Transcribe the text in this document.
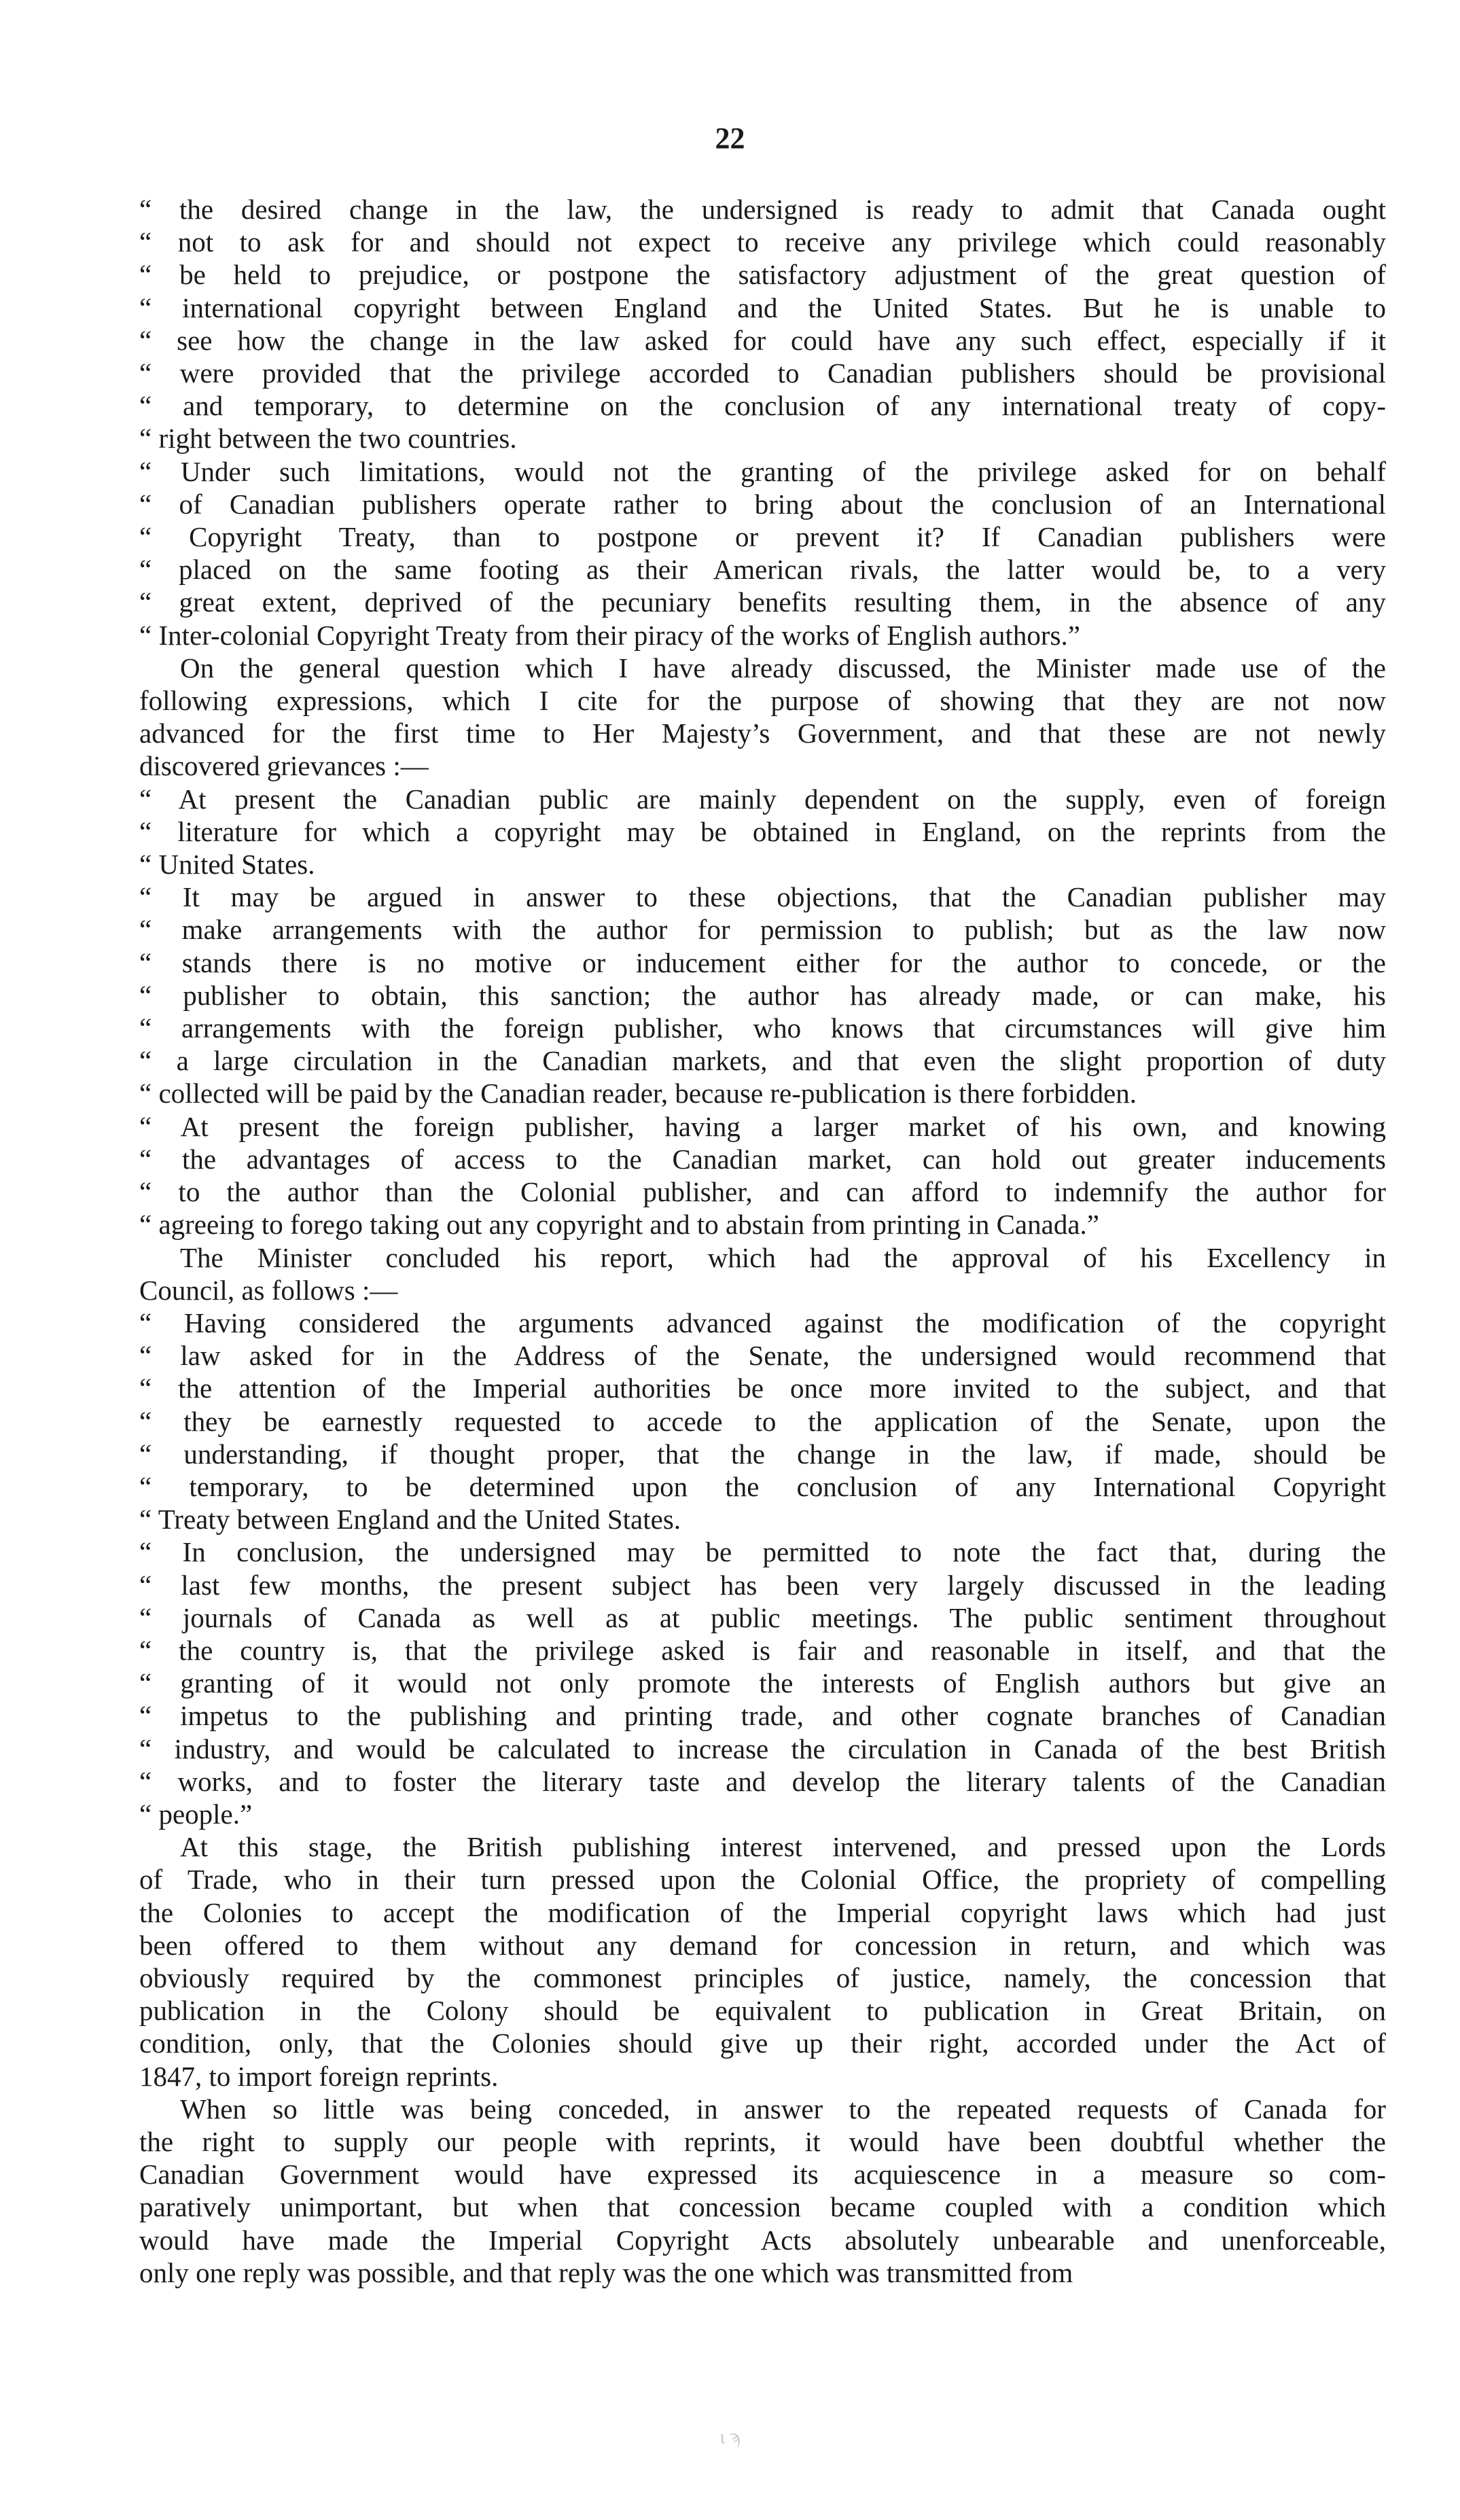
22
“ the desired change in the law, the undersigned is ready to admit that Canada ought
“ not to ask for and should not expect to receive any privilege which could reasonably
“ be held to prejudice, or postpone the satisfactory adjustment of the great question of
“ international copyright between England and the United States. But he is unable to
“ see how the change in the law asked for could have any such effect, especially if it
“ were provided that the privilege accorded to Canadian publishers should be provisional
“ and temporary, to determine on the conclusion of any international treaty of copy-
“ right between the two countries.
“ Under such limitations, would not the granting of the privilege asked for on behalf
“ of Canadian publishers operate rather to bring about the conclusion of an International
“ Copyright Treaty, than to postpone or prevent it? If Canadian publishers were
“ placed on the same footing as their American rivals, the latter would be, to a very
“ great extent, deprived of the pecuniary benefits resulting them, in the absence of any
“ Inter-colonial Copyright Treaty from their piracy of the works of English authors.”
On the general question which I have already discussed, the Minister made use of the
following expressions, which I cite for the purpose of showing that they are not now
advanced for the first time to Her Majesty’s Government, and that these are not newly
discovered grievances :—
“ At present the Canadian public are mainly dependent on the supply, even of foreign
“ literature for which a copyright may be obtained in England, on the reprints from the
“ United States.
“ It may be argued in answer to these objections, that the Canadian publisher may
“ make arrangements with the author for permission to publish; but as the law now
“ stands there is no motive or inducement either for the author to concede, or the
“ publisher to obtain, this sanction; the author has already made, or can make, his
“ arrangements with the foreign publisher, who knows that circumstances will give him
“ a large circulation in the Canadian markets, and that even the slight proportion of duty
“ collected will be paid by the Canadian reader, because re-publication is there forbidden.
“ At present the foreign publisher, having a larger market of his own, and knowing
“ the advantages of access to the Canadian market, can hold out greater inducements
“ to the author than the Colonial publisher, and can afford to indemnify the author for
“ agreeing to forego taking out any copyright and to abstain from printing in Canada.”
The Minister concluded his report, which had the approval of his Excellency in
Council, as follows :—
“ Having considered the arguments advanced against the modification of the copyright
“ law asked for in the Address of the Senate, the undersigned would recommend that
“ the attention of the Imperial authorities be once more invited to the subject, and that
“ they be earnestly requested to accede to the application of the Senate, upon the
“ understanding, if thought proper, that the change in the law, if made, should be
“ temporary, to be determined upon the conclusion of any International Copyright
“ Treaty between England and the United States.
“ In conclusion, the undersigned may be permitted to note the fact that, during the
“ last few months, the present subject has been very largely discussed in the leading
“ journals of Canada as well as at public meetings. The public sentiment throughout
“ the country is, that the privilege asked is fair and reasonable in itself, and that the
“ granting of it would not only promote the interests of English authors but give an
“ impetus to the publishing and printing trade, and other cognate branches of Canadian
“ industry, and would be calculated to increase the circulation in Canada of the best British
“ works, and to foster the literary taste and develop the literary talents of the Canadian
“ people.”
At this stage, the British publishing interest intervened, and pressed upon the Lords
of Trade, who in their turn pressed upon the Colonial Office, the propriety of compelling
the Colonies to accept the modification of the Imperial copyright laws which had just
been offered to them without any demand for concession in return, and which was
obviously required by the commonest principles of justice, namely, the concession that
publication in the Colony should be equivalent to publication in Great Britain, on
condition, only, that the Colonies should give up their right, accorded under the Act of
1847, to import foreign reprints.
When so little was being conceded, in answer to the repeated requests of Canada for
the right to supply our people with reprints, it would have been doubtful whether the
Canadian Government would have expressed its acquiescence in a measure so com-
paratively unimportant, but when that concession became coupled with a condition which
would have made the Imperial Copyright Acts absolutely unbearable and unenforceable,
only one reply was possible, and that reply was the one which was transmitted from
ι ϡ
